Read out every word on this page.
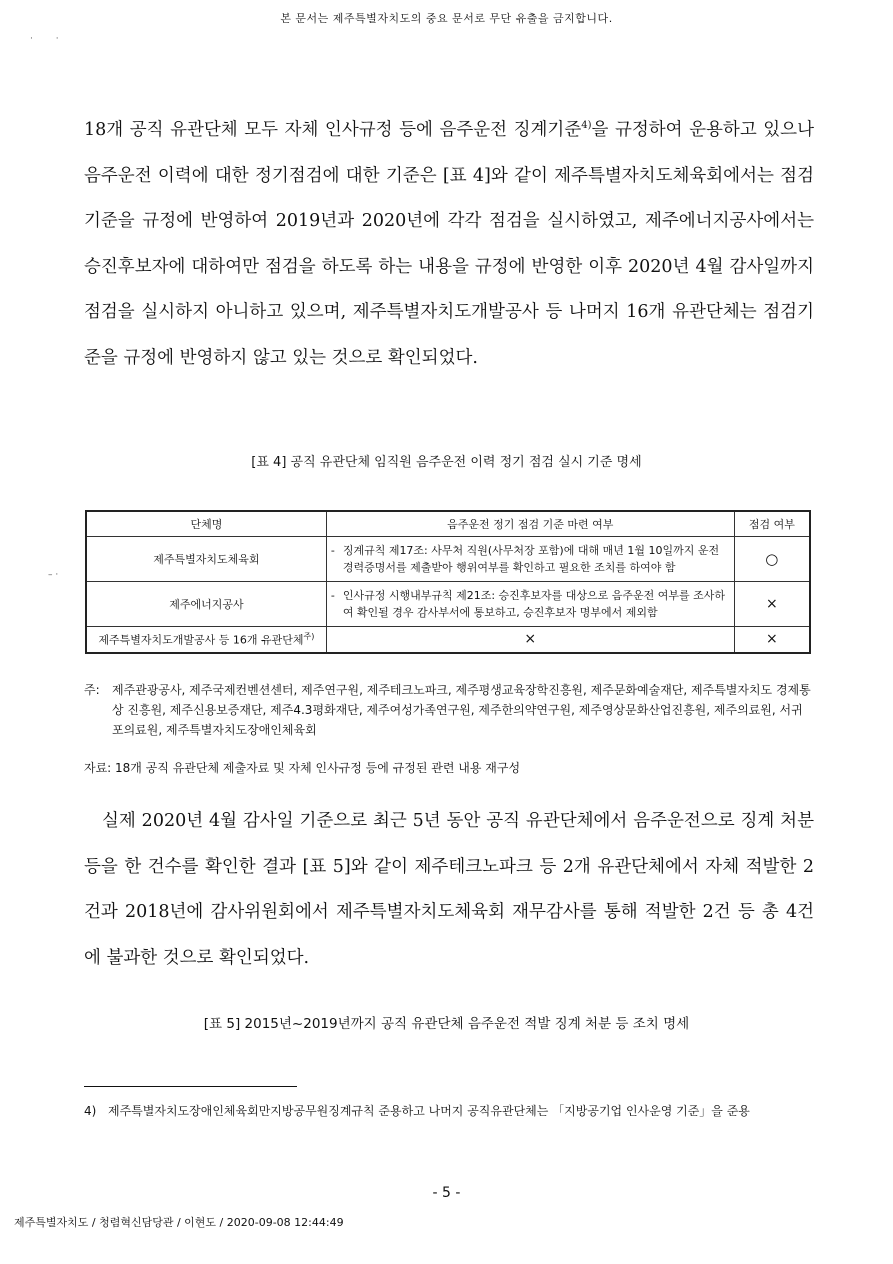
본 문서는 제주특별자치도의 중요 문서로 무단 유출을 금지합니다.
·        ·

18개 공직 유관단체 모두 자체 인사규정 등에 음주운전 징계기준$^{4)}$을 규정하여 운용하고 있으나 음주운전 이력에 대한 정기점검에 대한 기준은 [표 4]와 같이 제주특별자치도체육회에서는 점검기준을 규정에 반영하여 2019년과 2020년에 각각 점검을 실시하였고, 제주에너지공사에서는 승진후보자에 대하여만 점검을 하도록 하는 내용을 규정에 반영한 이후 2020년 4월 감사일까지 점검을 실시하지 아니하고 있으며, 제주특별자치도개발공사 등 나머지 16개 유관단체는 점검기준을 규정에 반영하지 않고 있는 것으로 확인되었다.

[표 4] 공직 유관단체 임직원 음주운전 이력 정기 점검 실시 기준 명세
단체명	음주운전 정기 점검 기준 마련 여부	점검 여부
제주특별자치도체육회	- 징계규칙 제17조: 사무처 직원(사무처장 포함)에 대해 매년 1월 10일까지 운전경력증명서를 제출받아 행위여부를 확인하고 필요한 조치를 하여야 함	○
제주에너지공사	- 인사규정 시행내부규칙 제21조: 승진후보자를 대상으로 음주운전 여부를 조사하여 확인될 경우 감사부서에 통보하고, 승진후보자 명부에서 제외함	×
제주특별자치도개발공사 등 16개 유관단체$^{주)}$	×	×
– ·
주:	제주관광공사, 제주국제컨벤션센터, 제주연구원, 제주테크노파크, 제주평생교육장학진흥원, 제주문화예술재단, 제주특별자치도 경제통상 진흥원, 제주신용보증재단, 제주4.3평화재단, 제주여성가족연구원, 제주한의약연구원, 제주영상문화산업진흥원, 제주의료원, 서귀포의료원, 제주특별자치도장애인체육회
자료: 18개 공직 유관단체 제출자료 및 자체 인사규정 등에 규정된 관련 내용 재구성

실제 2020년 4월 감사일 기준으로 최근 5년 동안 공직 유관단체에서 음주운전으로 징계 처분 등을 한 건수를 확인한 결과 [표 5]와 같이 제주테크노파크 등 2개 유관단체에서 자체 적발한 2건과 2018년에 감사위원회에서 제주특별자치도체육회 재무감사를 통해 적발한 2건 등 총 4건에 불과한 것으로 확인되었다.

[표 5] 2015년~2019년까지 공직 유관단체 음주운전 적발 징계 처분 등 조치 명세
4) 제주특별자치도장애인체육회만지방공무원징계규칙 준용하고 나머지 공직유관단체는 「지방공기업 인사운영 기준」을 준용
- 5 -
제주특별자치도 / 청렴혁신담당관 / 이현도 / 2020-09-08 12:44:49
